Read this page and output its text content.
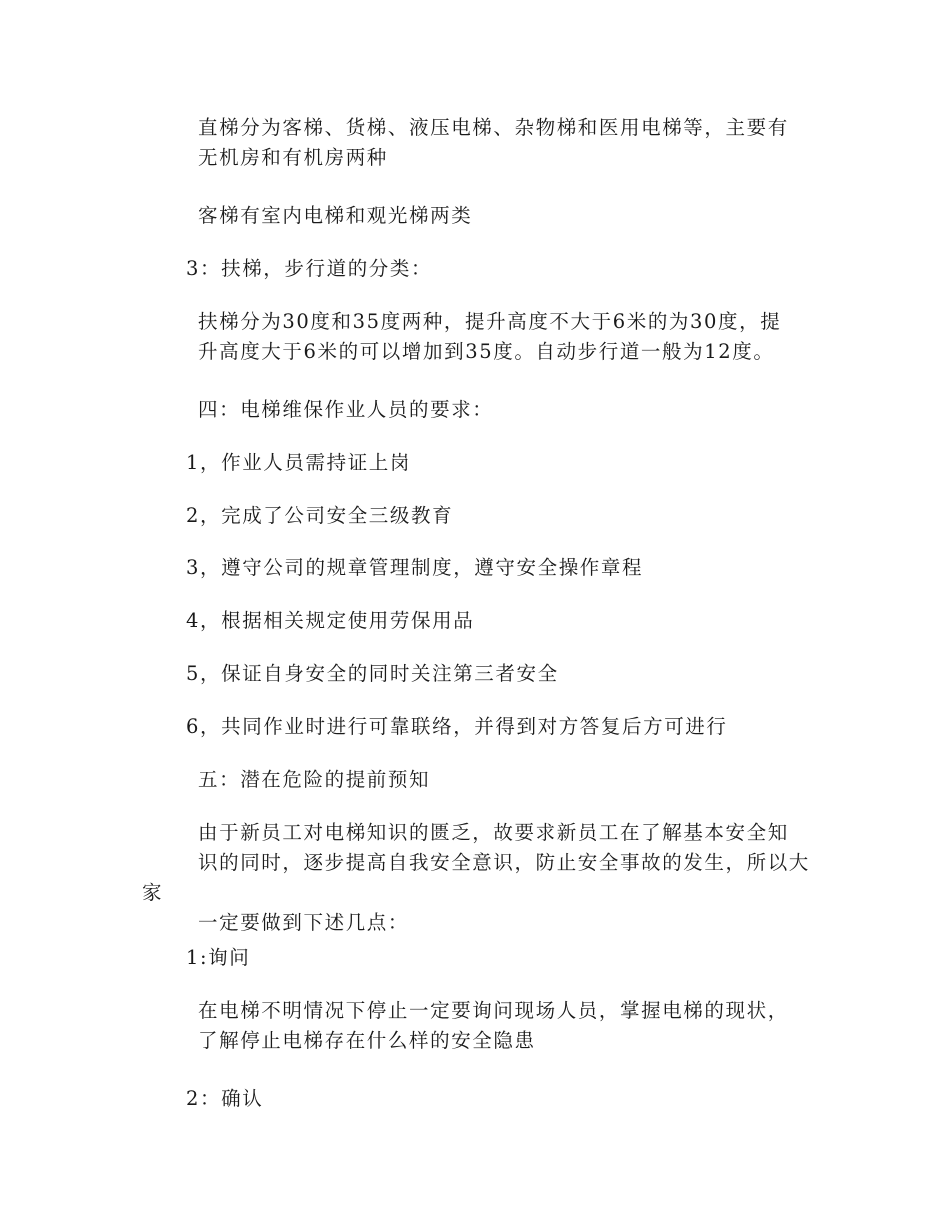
直梯分为客梯、货梯、液压电梯、杂物梯和医用电梯等，主要有
无机房和有机房两种

客梯有室内电梯和观光梯两类

3：扶梯，步行道的分类：

扶梯分为30度和35度两种，提升高度不大于6米的为30度，提
升高度大于6米的可以增加到35度。自动步行道一般为12度。

四：电梯维保作业人员的要求：

1，作业人员需持证上岗

2，完成了公司安全三级教育

3，遵守公司的规章管理制度，遵守安全操作章程

4，根据相关规定使用劳保用品

5，保证自身安全的同时关注第三者安全

6，共同作业时进行可靠联络，并得到对方答复后方可进行

五：潜在危险的提前预知

由于新员工对电梯知识的匮乏，故要求新员工在了解基本安全知
识的同时，逐步提高自我安全意识，防止安全事故的发生，所以大家
一定要做到下述几点：

1:询问

在电梯不明情况下停止一定要询问现场人员，掌握电梯的现状，
了解停止电梯存在什么样的安全隐患

2：确认
